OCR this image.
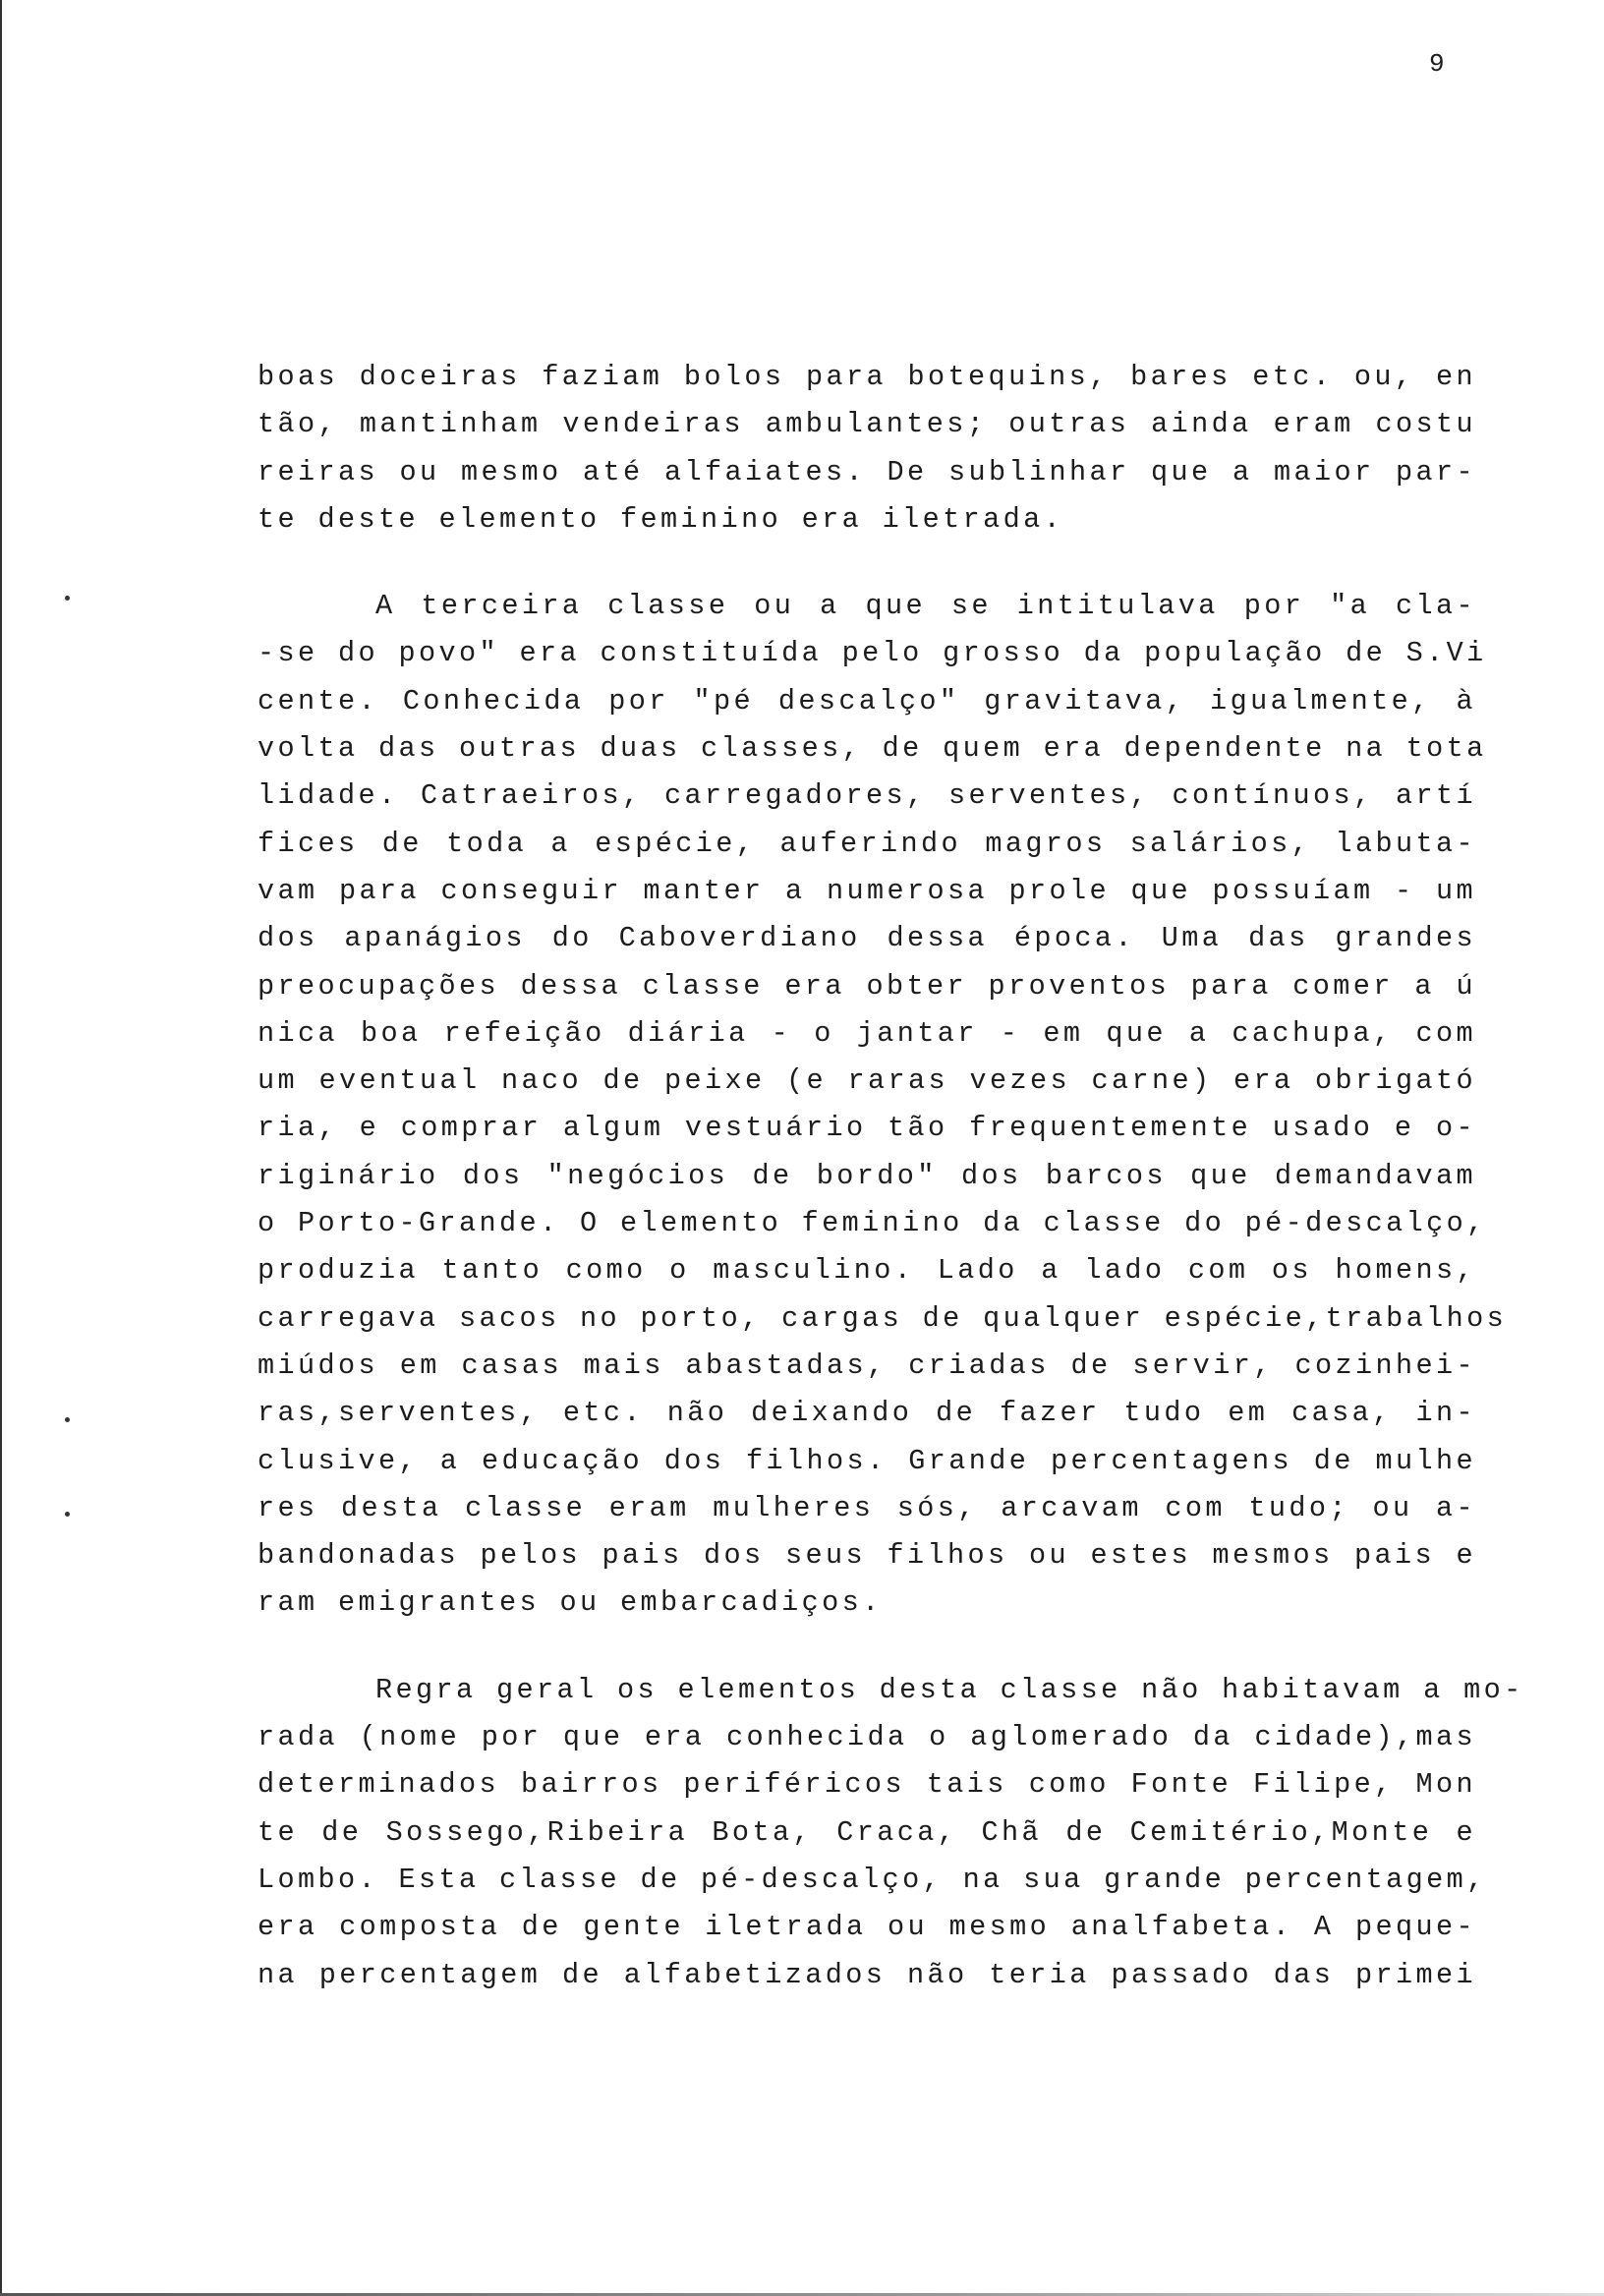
9
boas doceiras faziam bolos para botequins, bares etc. ou, en
tão, mantinham vendeiras ambulantes; outras ainda eram costu
reiras ou mesmo até alfaiates. De sublinhar que a maior par-
te deste elemento feminino era iletrada.
A terceira classe ou a que se intitulava por "a cla-
-se do povo" era constituída pelo grosso da população de S.Vi
cente. Conhecida por "pé descalço" gravitava, igualmente, à
volta das outras duas classes, de quem era dependente na tota
lidade. Catraeiros, carregadores, serventes, contínuos, artí
fices de toda a espécie, auferindo magros salários, labuta-
vam para conseguir manter a numerosa prole que possuíam - um
dos apanágios do Caboverdiano dessa época. Uma das grandes
preocupações dessa classe era obter proventos para comer a ú
nica boa refeição diária - o jantar - em que a cachupa, com
um eventual naco de peixe (e raras vezes carne) era obrigató
ria, e comprar algum vestuário tão frequentemente usado e o-
riginário dos "negócios de bordo" dos barcos que demandavam
o Porto-Grande. O elemento feminino da classe do pé-descalço,
produzia tanto como o masculino. Lado a lado com os homens,
carregava sacos no porto, cargas de qualquer espécie,trabalhos
miúdos em casas mais abastadas, criadas de servir, cozinhei-
ras,serventes, etc. não deixando de fazer tudo em casa, in-
clusive, a educação dos filhos. Grande percentagens de mulhe
res desta classe eram mulheres sós, arcavam com tudo; ou a-
bandonadas pelos pais dos seus filhos ou estes mesmos pais e
ram emigrantes ou embarcadiços.
Regra geral os elementos desta classe não habitavam a mo-
rada (nome por que era conhecida o aglomerado da cidade),mas
determinados bairros periféricos tais como Fonte Filipe, Mon
te de Sossego,Ribeira Bota, Craca, Chã de Cemitério,Monte e
Lombo. Esta classe de pé-descalço, na sua grande percentagem,
era composta de gente iletrada ou mesmo analfabeta. A peque-
na percentagem de alfabetizados não teria passado das primei
